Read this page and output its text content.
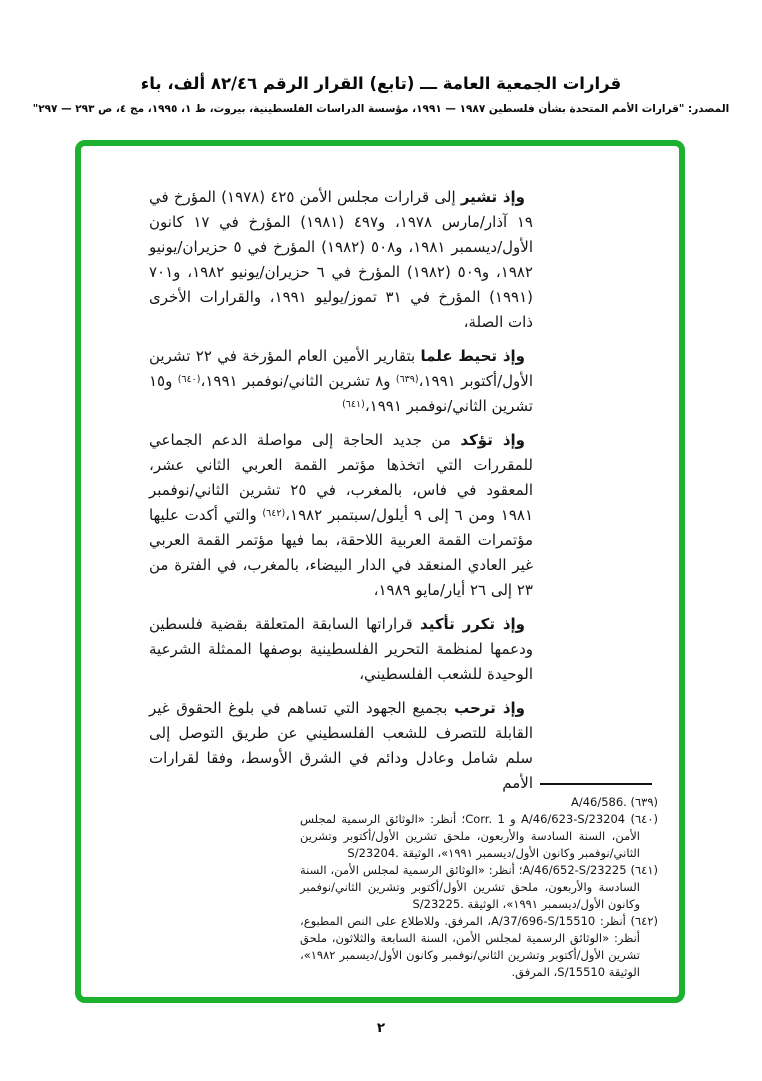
قرارات الجمعية العامة ـــ (تابع) القرار الرقم ٨٢/٤٦ ألف، باء
المصدر: "قرارات الأمم المتحدة بشأن فلسطين ١٩٨٧ — ١٩٩١، مؤسسة الدراسات الفلسطينية، بيروت، ط ١، ١٩٩٥، مج ٤، ص ٢٩٣ — ٢٩٧"

وإذ تشير إلى قرارات مجلس الأمن ٤٢٥ (١٩٧٨) المؤرخ في ١٩ آذار/مارس ١٩٧٨، و٤٩٧ (١٩٨١) المؤرخ في ١٧ كانون الأول/ديسمبر ١٩٨١، و٥٠٨ (١٩٨٢) المؤرخ في ٥ حزيران/يونيو ١٩٨٢، و٥٠٩ (١٩٨٢) المؤرخ في ٦ حزيران/يونيو ١٩٨٢، و٧٠١ (١٩٩١) المؤرخ في ٣١ تموز/يوليو ١٩٩١، والقرارات الأخرى ذات الصلة،

وإذ تحيط علما بتقارير الأمين العام المؤرخة في ٢٢ تشرين الأول/أكتوبر ١٩٩١،$^{(٦٣٩)}$ و٨ تشرين الثاني/نوفمبر ١٩٩١،$^{(٦٤٠)}$ و١٥ تشرين الثاني/نوفمبر ١٩٩١،$^{(٦٤١)}$

وإذ تؤكد من جديد الحاجة إلى مواصلة الدعم الجماعي للمقررات التي اتخذها مؤتمر القمة العربي الثاني عشر، المعقود في فاس، بالمغرب، في ٢٥ تشرين الثاني/نوفمبر ١٩٨١ ومن ٦ إلى ٩ أيلول/سبتمبر ١٩٨٢،$^{(٦٤٢)}$ والتي أكدت عليها مؤتمرات القمة العربية اللاحقة، بما فيها مؤتمر القمة العربي غير العادي المنعقد في الدار البيضاء، بالمغرب، في الفترة من ٢٣ إلى ٢٦ أيار/مايو ١٩٨٩،

وإذ تكرر تأكيد قراراتها السابقة المتعلقة بقضية فلسطين ودعمها لمنظمة التحرير الفلسطينية بوصفها الممثلة الشرعية الوحيدة للشعب الفلسطيني،

وإذ ترحب بجميع الجهود التي تساهم في بلوغ الحقوق غير القابلة للتصرف للشعب الفلسطيني عن طريق التوصل إلى سلم شامل وعادل ودائم في الشرق الأوسط، وفقا لقرارات الأمم

(٦٣٩) A/46/586.‎
(٦٤٠) A/46/623-S/23204 و Corr. 1؛ أنظر: «الوثائق الرسمية لمجلس الأمن، السنة السادسة والأربعون، ملحق تشرين الأول/أكتوبر وتشرين الثاني/نوفمبر وكانون الأول/ديسمبر ١٩٩١»، الوثيقة S/23204.‎
(٦٤١) A/46/652-S/23225؛ أنظر: «الوثائق الرسمية لمجلس الأمن، السنة السادسة والأربعون، ملحق تشرين الأول/أكتوبر وتشرين الثاني/نوفمبر وكانون الأول/ديسمبر ١٩٩١»، الوثيقة S/23225.‎
(٦٤٢) أنظر: A/37/696-S/15510، المرفق. وللاطلاع على النص المطبوع، أنظر: «الوثائق الرسمية لمجلس الأمن، السنة السابعة والثلاثون، ملحق تشرين الأول/أكتوبر وتشرين الثاني/نوفمبر وكانون الأول/ديسمبر ١٩٨٢»، الوثيقة S/15510، المرفق.
٢
